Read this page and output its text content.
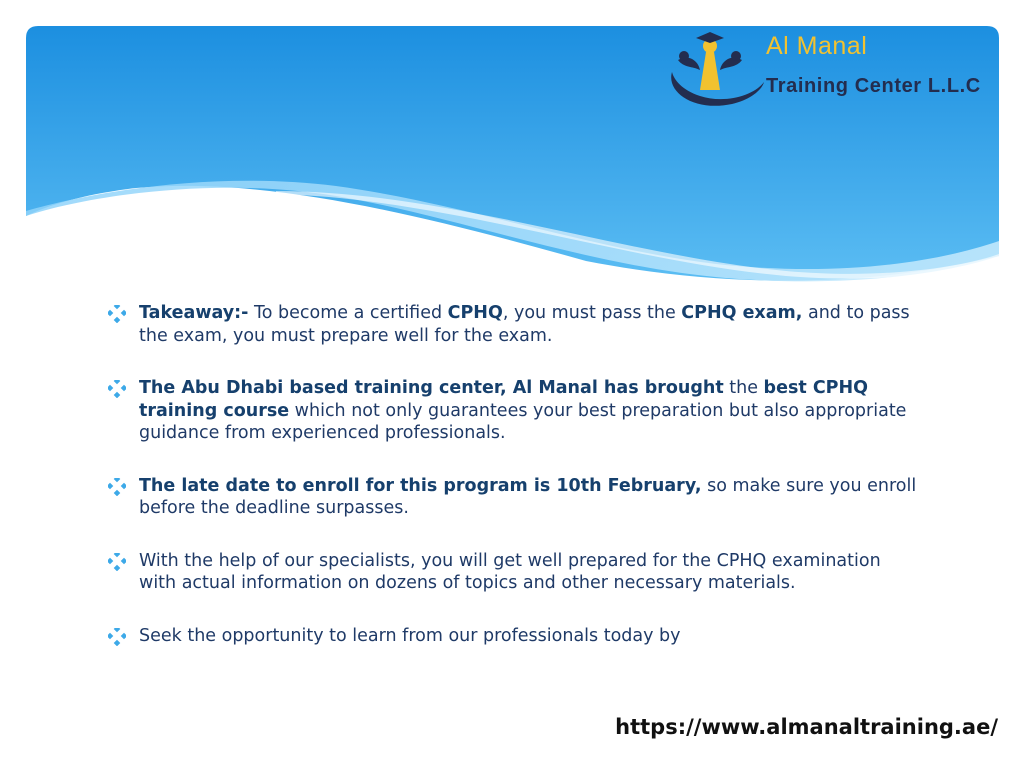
Al Manal
Training Center L.L.C
Takeaway:- To become a certified CPHQ, you must pass the CPHQ exam, and to pass the exam, you must prepare well for the exam.
The Abu Dhabi based training center, Al Manal has brought the best CPHQ training course which not only guarantees your best preparation but also appropriate guidance from experienced professionals.
The late date to enroll for this program is 10th February, so make sure you enroll before the deadline surpasses.
With the help of our specialists, you will get well prepared for the CPHQ examination with actual information on dozens of topics and other necessary materials.
Seek the opportunity to learn from our professionals today by
https://www.almanaltraining.ae/
